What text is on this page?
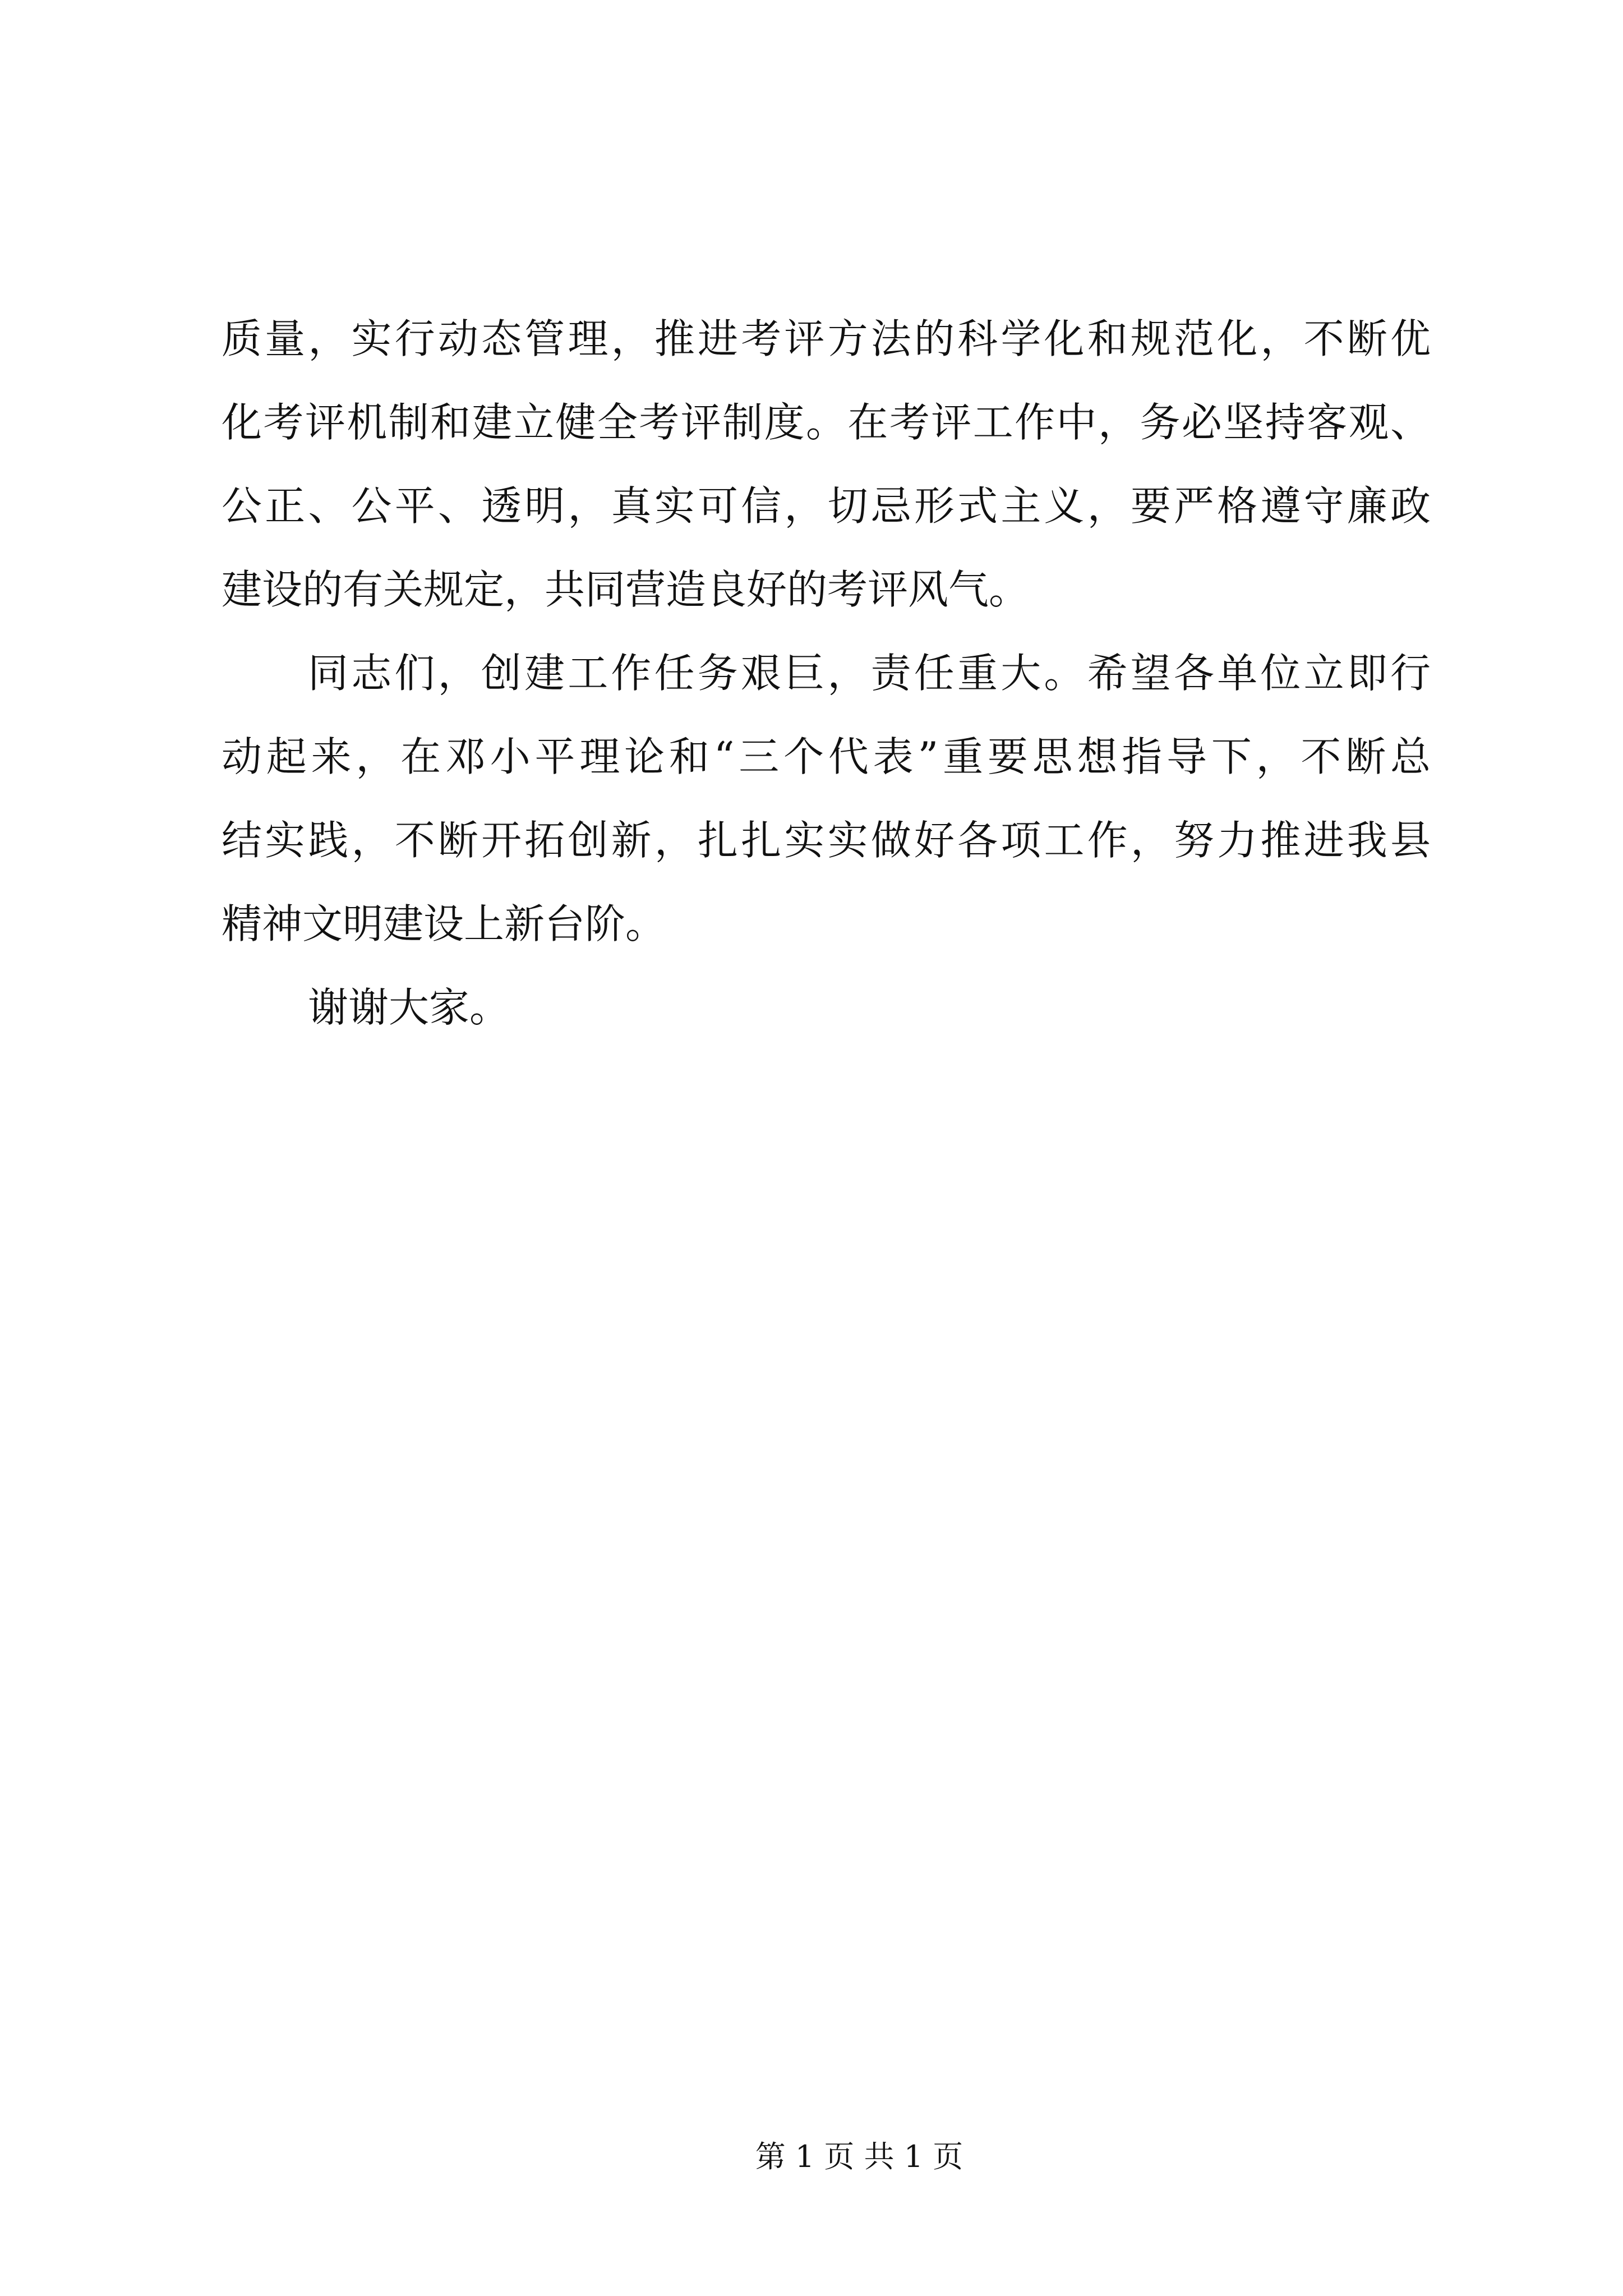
质量，实行动态管理，推进考评方法的科学化和规范化，不断优
化考评机制和建立健全考评制度。在考评工作中，务必坚持客观、
公正、公平、透明，真实可信，切忌形式主义，要严格遵守廉政
建设的有关规定，共同营造良好的考评风气。

同志们，创建工作任务艰巨，责任重大。希望各单位立即行
动起来，在邓小平理论和“三个代表”重要思想指导下，不断总
结实践，不断开拓创新，扎扎实实做好各项工作，努力推进我县
精神文明建设上新台阶。

谢谢大家。

第 1 页 共 1 页
